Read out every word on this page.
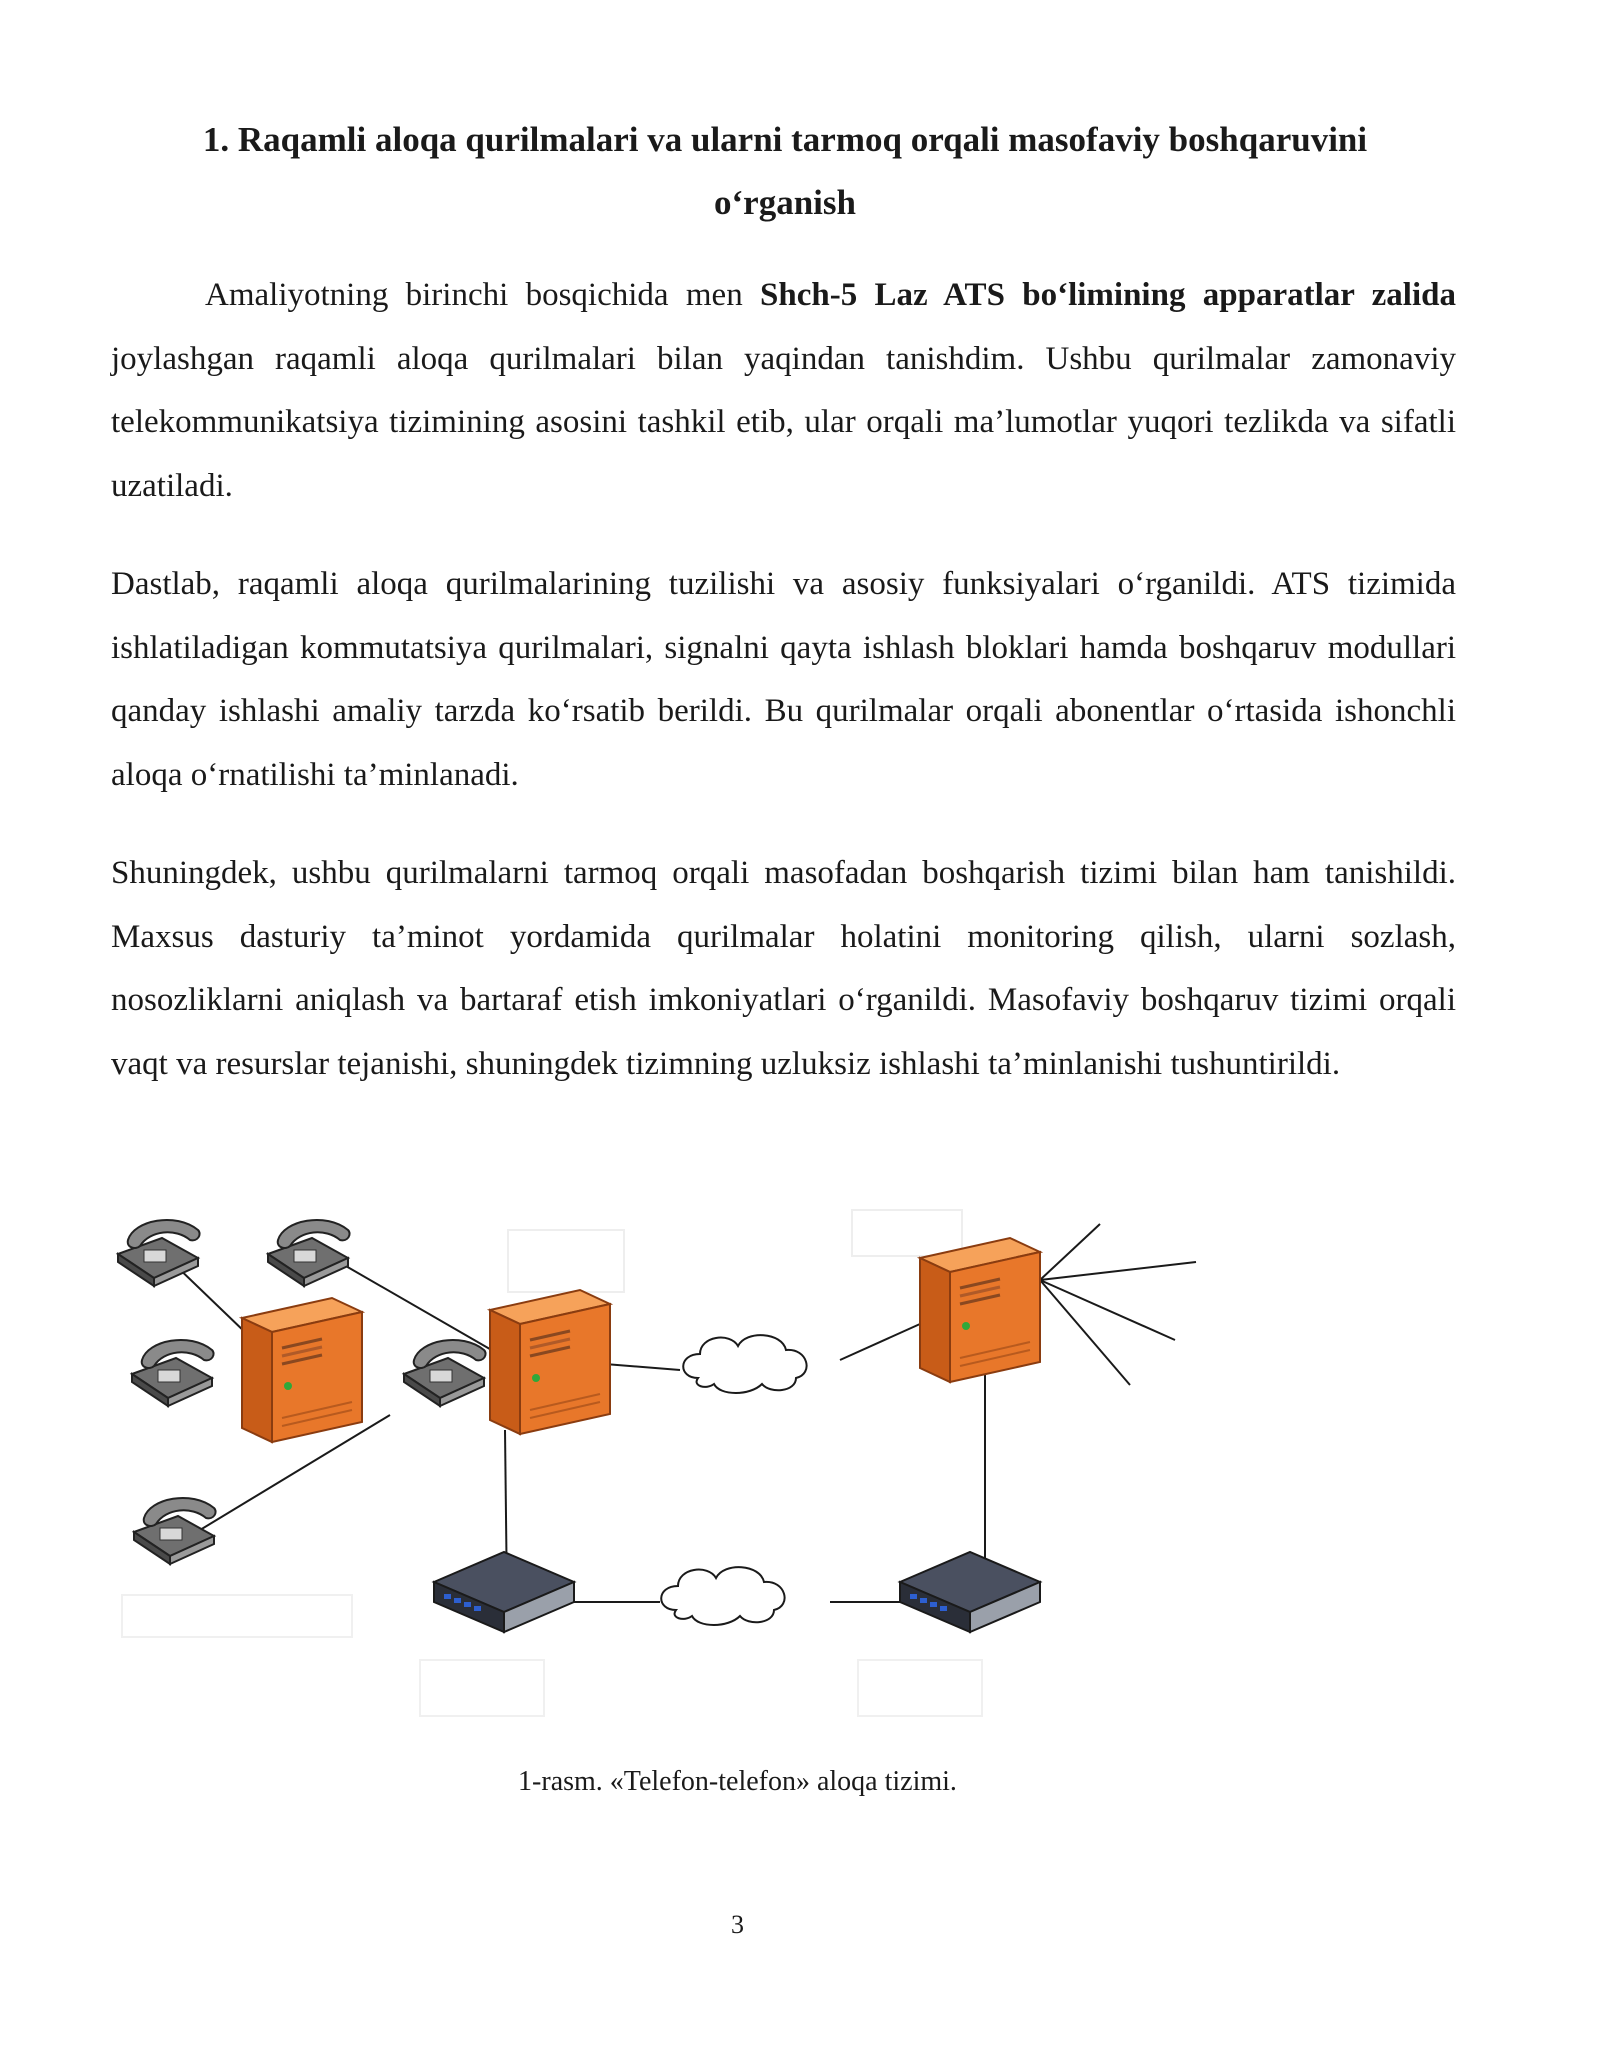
1. Raqamli aloqa qurilmalari va ularni tarmoq orqali masofaviy boshqaruvini o‘rganish

Amaliyotning birinchi bosqichida men Shch-5 Laz ATS bo‘limining apparatlar zalida joylashgan raqamli aloqa qurilmalari bilan yaqindan tanishdim. Ushbu qurilmalar zamonaviy telekommunikatsiya tizimining asosini tashkil etib, ular orqali ma’lumotlar yuqori tezlikda va sifatli uzatiladi.

Dastlab, raqamli aloqa qurilmalarining tuzilishi va asosiy funksiyalari o‘rganildi. ATS tizimida ishlatiladigan kommutatsiya qurilmalari, signalni qayta ishlash bloklari hamda boshqaruv modullari qanday ishlashi amaliy tarzda ko‘rsatib berildi. Bu qurilmalar orqali abonentlar o‘rtasida ishonchli aloqa o‘rnatilishi ta’minlanadi.

Shuningdek, ushbu qurilmalarni tarmoq orqali masofadan boshqarish tizimi bilan ham tanishildi. Maxsus dasturiy ta’minot yordamida qurilmalar holatini monitoring qilish, ularni sozlash, nosozliklarni aniqlash va bartaraf etish imkoniyatlari o‘rganildi. Masofaviy boshqaruv tizimi orqali vaqt va resurslar tejanishi, shuningdek tizimning uzluksiz ishlashi ta’minlanishi tushuntirildi.

1-rasm. «Telefon-telefon» aloqa tizimi.
3
